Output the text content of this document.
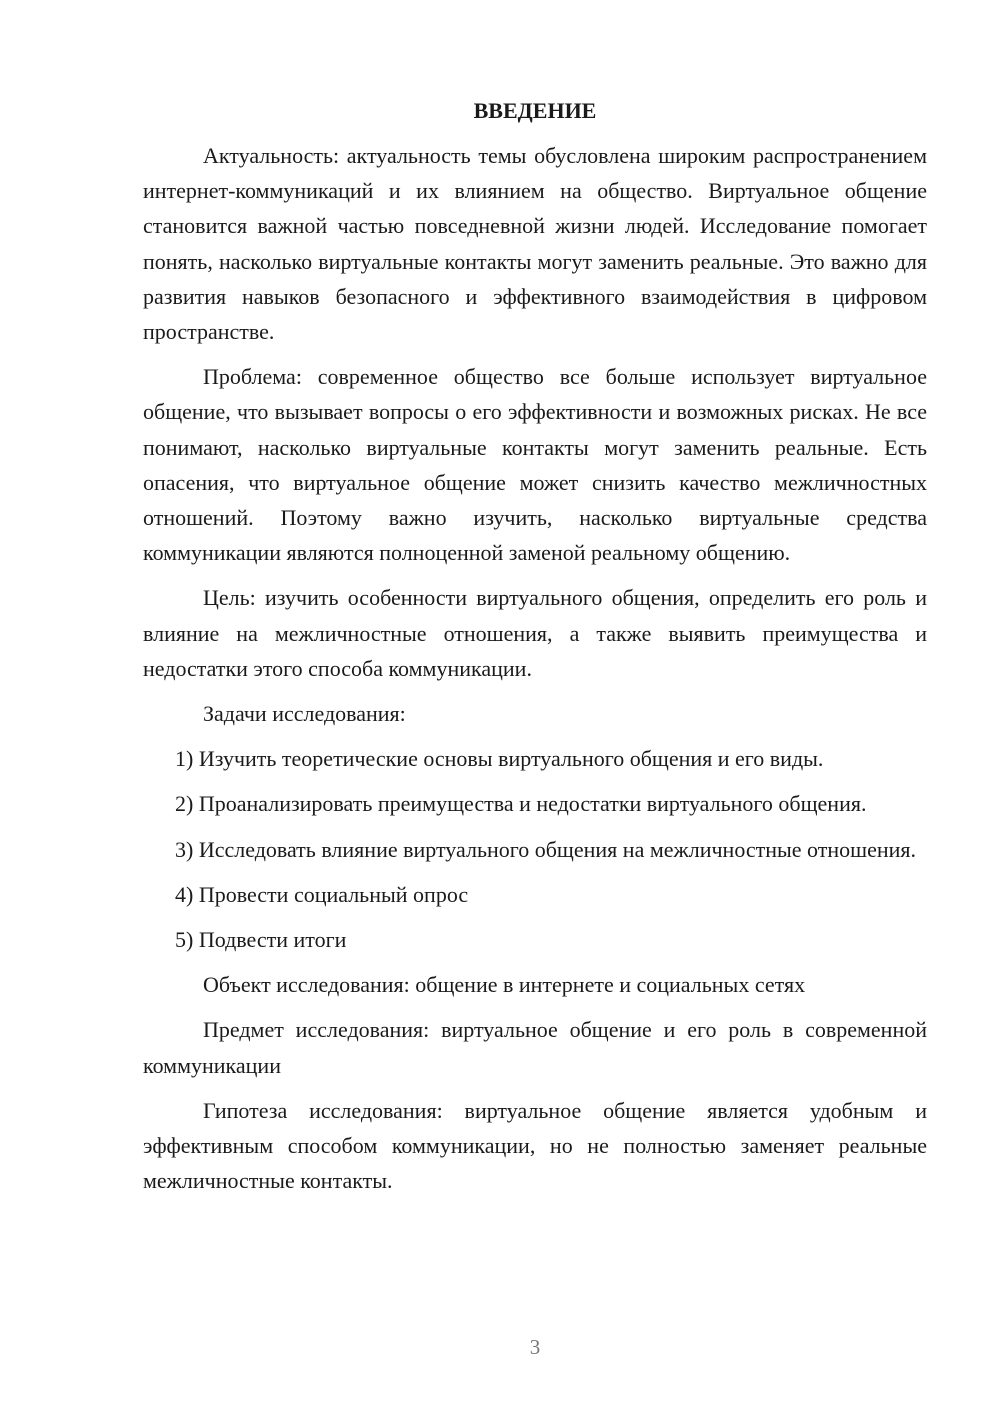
ВВЕДЕНИЕ

Актуальность: актуальность темы обусловлена широким распространением интернет-коммуникаций и их влиянием на общество. Виртуальное общение становится важной частью повседневной жизни людей. Исследование помогает понять, насколько виртуальные контакты могут заменить реальные. Это важно для развития навыков безопасного и эффективного взаимодействия в цифровом пространстве.

Проблема: современное общество все больше использует виртуальное общение, что вызывает вопросы о его эффективности и возможных рисках. Не все понимают, насколько виртуальные контакты могут заменить реальные. Есть опасения, что виртуальное общение может снизить качество межличностных отношений. Поэтому важно изучить, насколько виртуальные средства коммуникации являются полноценной заменой реальному общению.

Цель: изучить особенности виртуального общения, определить его роль и влияние на межличностные отношения, а также выявить преимущества и недостатки этого способа коммуникации.

Задачи исследования:

1) Изучить теоретические основы виртуального общения и его виды.

2) Проанализировать преимущества и недостатки виртуального общения.

3) Исследовать влияние виртуального общения на межличностные отношения.

4) Провести социальный опрос

5) Подвести итоги

Объект исследования: общение в интернете и социальных сетях

Предмет исследования: виртуальное общение и его роль в современной коммуникации

Гипотеза исследования: виртуальное общение является удобным и эффективным способом коммуникации, но не полностью заменяет реальные межличностные контакты.

3
